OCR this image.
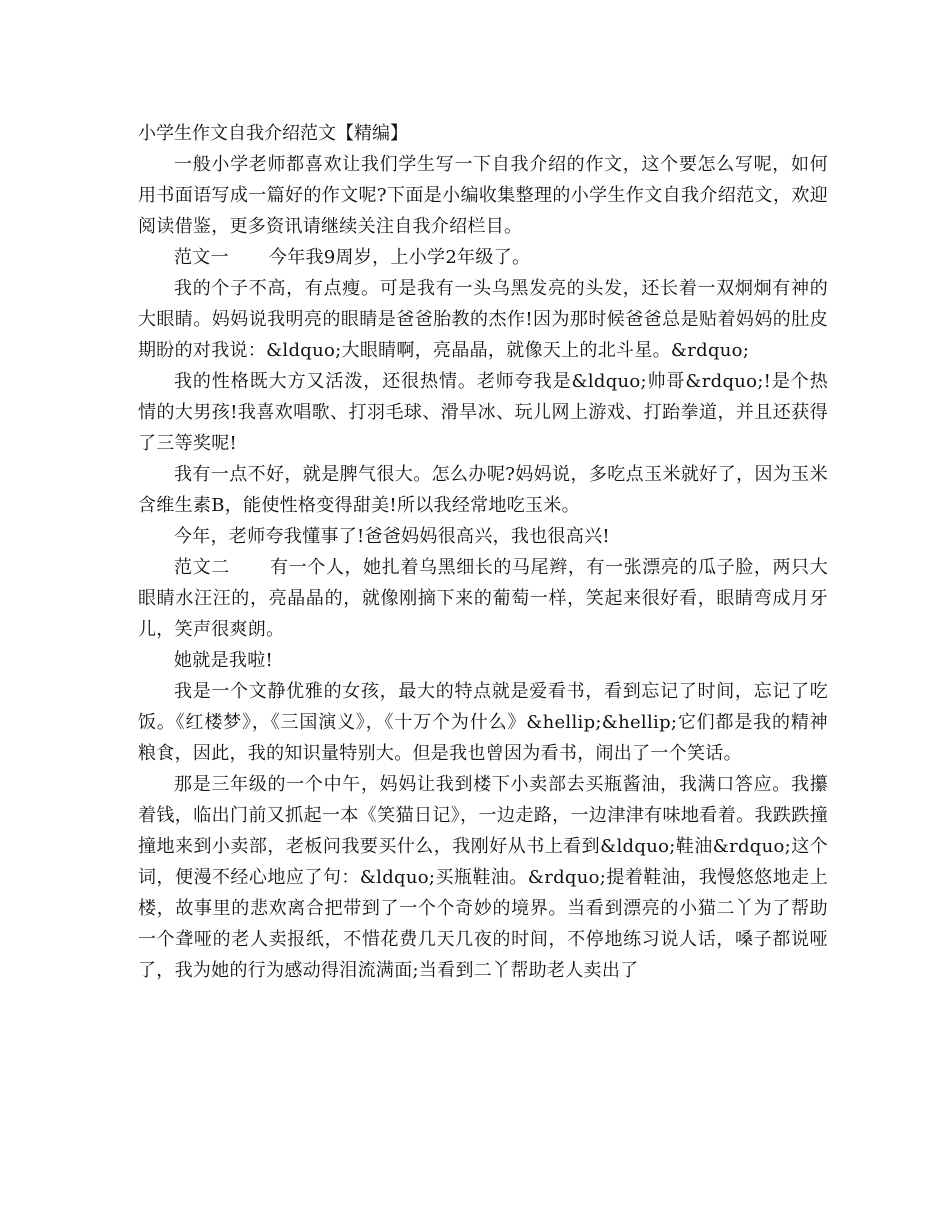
小学生作文自我介绍范文【精编】

一般小学老师都喜欢让我们学生写一下自我介绍的作文，这个要怎么写呢，如何用书面语写成一篇好的作文呢?下面是小编收集整理的小学生作文自我介绍范文，欢迎阅读借鉴，更多资讯请继续关注自我介绍栏目。

范文一 今年我9周岁，上小学2年级了。

我的个子不高，有点瘦。可是我有一头乌黑发亮的头发，还长着一双炯炯有神的大眼睛。妈妈说我明亮的眼睛是爸爸胎教的杰作!因为那时候爸爸总是贴着妈妈的肚皮期盼的对我说：&ldquo;大眼睛啊，亮晶晶，就像天上的北斗星。&rdquo;

我的性格既大方又活泼，还很热情。老师夸我是&ldquo;帅哥&rdquo;!是个热情的大男孩!我喜欢唱歌、打羽毛球、滑旱冰、玩儿网上游戏、打跆拳道，并且还获得了三等奖呢!

我有一点不好，就是脾气很大。怎么办呢?妈妈说，多吃点玉米就好了，因为玉米含维生素B，能使性格变得甜美!所以我经常地吃玉米。

今年，老师夸我懂事了!爸爸妈妈很高兴，我也很高兴!

范文二 有一个人，她扎着乌黑细长的马尾辫，有一张漂亮的瓜子脸，两只大眼睛水汪汪的，亮晶晶的，就像刚摘下来的葡萄一样，笑起来很好看，眼睛弯成月牙儿，笑声很爽朗。

她就是我啦!

我是一个文静优雅的女孩，最大的特点就是爱看书，看到忘记了时间，忘记了吃饭。《红楼梦》，《三国演义》，《十万个为什么》&hellip;&hellip;它们都是我的精神粮食，因此，我的知识量特别大。但是我也曾因为看书，闹出了一个笑话。

那是三年级的一个中午，妈妈让我到楼下小卖部去买瓶酱油，我满口答应。我攥着钱，临出门前又抓起一本《笑猫日记》，一边走路，一边津津有味地看着。我跌跌撞撞地来到小卖部，老板问我要买什么，我刚好从书上看到&ldquo;鞋油&rdquo;这个词，便漫不经心地应了句：&ldquo;买瓶鞋油。&rdquo;提着鞋油，我慢悠悠地走上楼，故事里的悲欢离合把带到了一个个奇妙的境界。当看到漂亮的小猫二丫为了帮助一个聋哑的老人卖报纸，不惜花费几天几夜的时间，不停地练习说人话，嗓子都说哑了，我为她的行为感动得泪流满面;当看到二丫帮助老人卖出了
